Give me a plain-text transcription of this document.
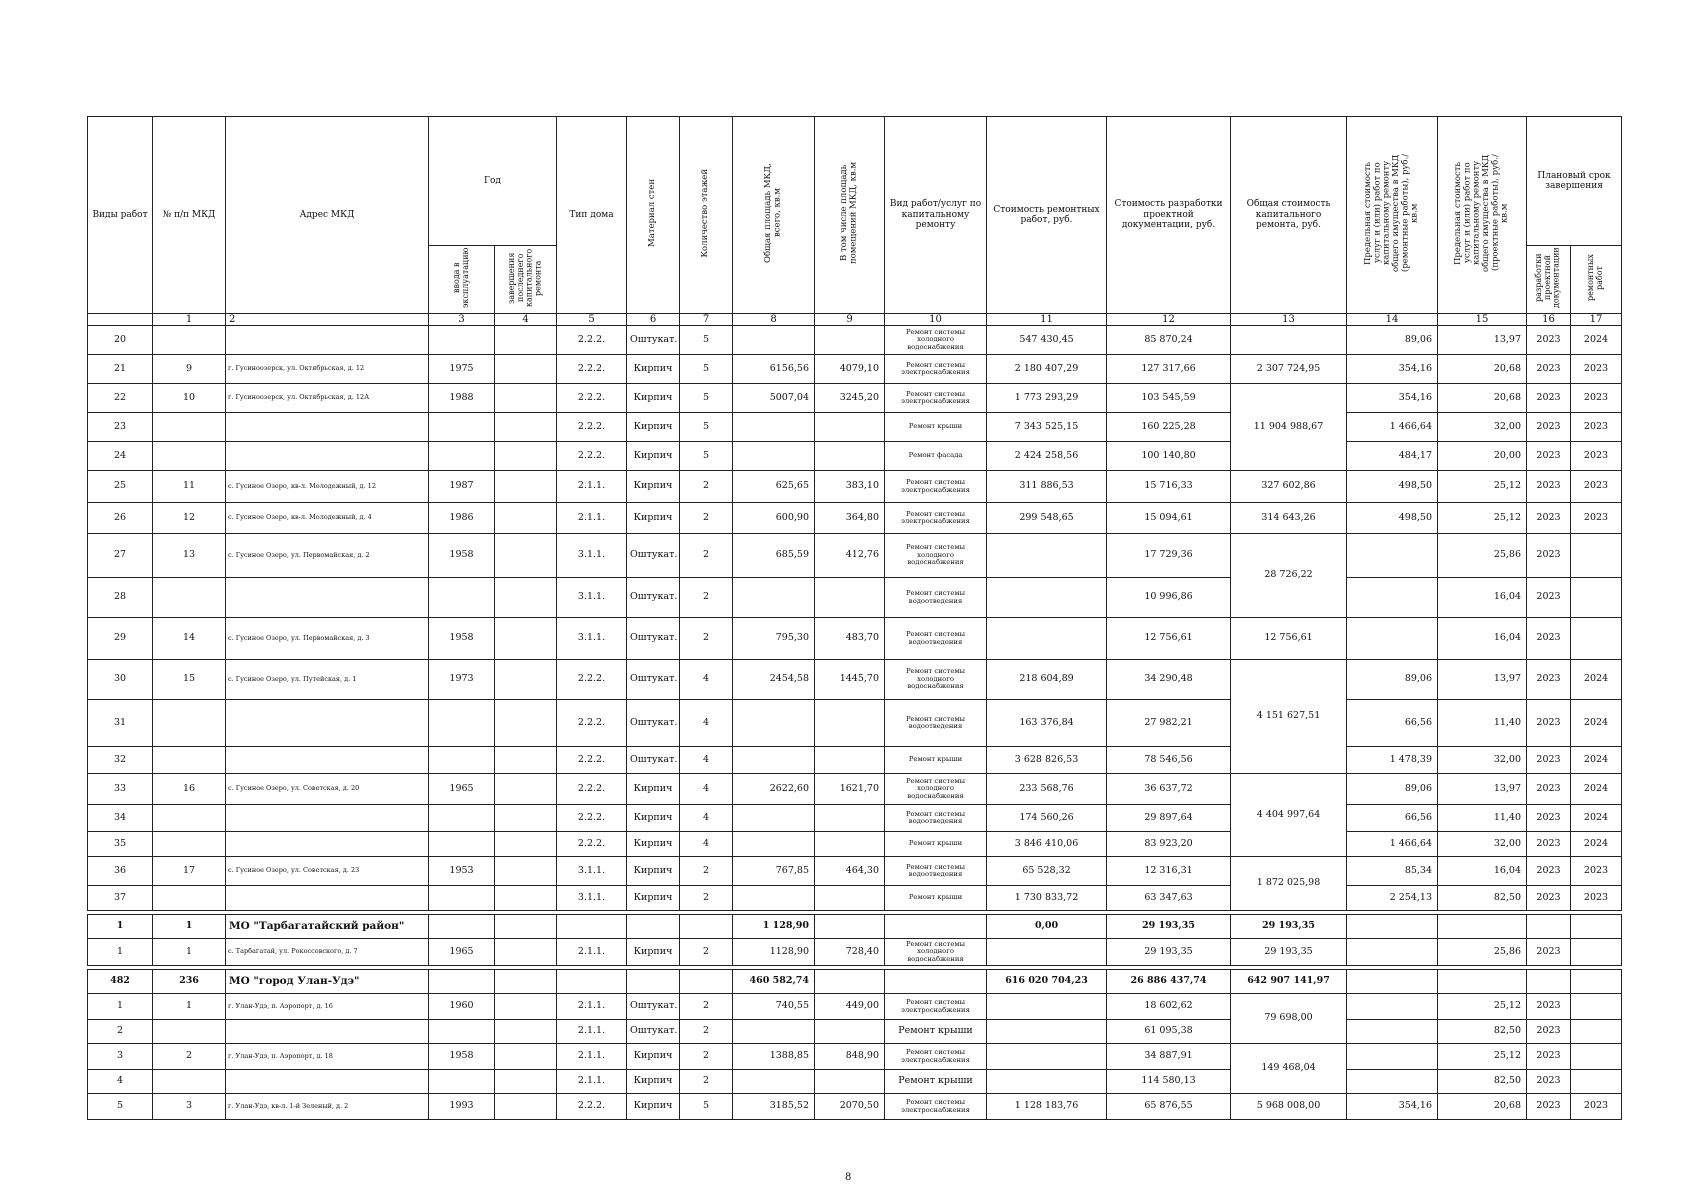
Виды работ	№ п/п МКД	Адрес МКД	Год		Тип дома	Материал стен	Количество этажей	Общая площадь МКД, всего, кв.м	В том числе площадь помещений МКД, кв.м	Вид работ/услуг по капитальному ремонту	Стоимость ремонтных работ, руб.	Стоимость разработки проектной документации, руб.	Общая стоимость капитального ремонта, руб.	Предельная стоимость услуг и (или) работ по капитальному ремонту общего имущества в МКД (ремонтные работы), руб./кв.м	Предельная стоимость услуг и (или) работ по капитальному ремонту общего имущества в МКД (проектные работы), руб./кв.м	Плановый срок завершения	
			ввода в эксплуатацию	завершения последнего капитального ремонта												разработки проектной документации	ремонтных работ
	1	2	3	4	5	6	7	8	9	10	11	12	13	14	15	16	17
20					2.2.2.	Оштукат.	5			Ремонт системы холодного водоснабжения	547 430,45	85 870,24		89,06	13,97	2023	2024
21	9	г. Гусиноозерск, ул. Октябрьская, д. 12	1975		2.2.2.	Кирпич	5	6156,56	4079,10	Ремонт системы электроснабжения	2 180 407,29	127 317,66	2 307 724,95	354,16	20,68	2023	2023
22	10	г. Гусиноозерск, ул. Октябрьская, д. 12А	1988		2.2.2.	Кирпич	5	5007,04	3245,20	Ремонт системы электроснабжения	1 773 293,29	103 545,59	11 904 988,67	354,16	20,68	2023	2023
23					2.2.2.	Кирпич	5			Ремонт крыши	7 343 525,15	160 225,28		1 466,64	32,00	2023	2023
24					2.2.2.	Кирпич	5			Ремонт фасада	2 424 258,56	100 140,80		484,17	20,00	2023	2023
25	11	с. Гусиное Озеро, кв-л. Молодежный, д. 12	1987		2.1.1.	Кирпич	2	625,65	383,10	Ремонт системы электроснабжения	311 886,53	15 716,33	327 602,86	498,50	25,12	2023	2023
26	12	с. Гусиное Озеро, кв-л. Молодежный, д. 4	1986		2.1.1.	Кирпич	2	600,90	364,80	Ремонт системы электроснабжения	299 548,65	15 094,61	314 643,26	498,50	25,12	2023	2023
27	13	с. Гусиное Озеро, ул. Первомайская, д. 2	1958		3.1.1.	Оштукат.	2	685,59	412,76	Ремонт системы холодного водоснабжения		17 729,36	28 726,22		25,86	2023	
28					3.1.1.	Оштукат.	2			Ремонт системы водоотведения		10 996,86			16,04	2023	
29	14	с. Гусиное Озеро, ул. Первомайская, д. 3	1958		3.1.1.	Оштукат.	2	795,30	483,70	Ремонт системы водоотведения		12 756,61	12 756,61		16,04	2023	
30	15	с. Гусиное Озеро, ул. Путейская, д. 1	1973		2.2.2.	Оштукат.	4	2454,58	1445,70	Ремонт системы холодного водоснабжения	218 604,89	34 290,48	4 151 627,51	89,06	13,97	2023	2024
31					2.2.2.	Оштукат.	4			Ремонт системы водоотведения	163 376,84	27 982,21		66,56	11,40	2023	2024
32					2.2.2.	Оштукат.	4			Ремонт крыши	3 628 826,53	78 546,56		1 478,39	32,00	2023	2024
33	16	с. Гусиное Озеро, ул. Советская, д. 20	1965		2.2.2.	Кирпич	4	2622,60	1621,70	Ремонт системы холодного водоснабжения	233 568,76	36 637,72	4 404 997,64	89,06	13,97	2023	2024
34					2.2.2.	Кирпич	4			Ремонт системы водоотведения	174 560,26	29 897,64		66,56	11,40	2023	2024
35					2.2.2.	Кирпич	4			Ремонт крыши	3 846 410,06	83 923,20		1 466,64	32,00	2023	2024
36	17	с. Гусиное Озеро, ул. Советская, д. 23	1953		3.1.1.	Кирпич	2	767,85	464,30	Ремонт системы водоотведения	65 528,32	12 316,31	1 872 025,98	85,34	16,04	2023	2023
37					3.1.1.	Кирпич	2			Ремонт крыши	1 730 833,72	63 347,63		2 254,13	82,50	2023	2023

1	1	МО "Тарбагатайский район"						1 128,90			0,00	29 193,35	29 193,35				
1	1	с. Тарбагатай, ул. Рокоссовского, д. 7	1965		2.1.1.	Кирпич	2	1128,90	728,40	Ремонт системы холодного водоснабжения		29 193,35	29 193,35		25,86	2023	

482	236	МО "город Улан-Удэ"						460 582,74			616 020 704,23	26 886 437,74	642 907 141,97				
1	1	г. Улан-Удэ, п. Аэропорт, д. 16	1960		2.1.1.	Оштукат.	2	740,55	449,00	Ремонт системы электроснабжения		18 602,62	79 698,00		25,12	2023	
2					2.1.1.	Оштукат.	2			Ремонт крыши		61 095,38			82,50	2023	
3	2	г. Улан-Удэ, п. Аэропорт, д. 18	1958		2.1.1.	Кирпич	2	1388,85	848,90	Ремонт системы электроснабжения		34 887,91	149 468,04		25,12	2023	
4					2.1.1.	Кирпич	2			Ремонт крыши		114 580,13			82,50	2023	
5	3	г. Улан-Удэ, кв-л. 1-й Зеленый, д. 2	1993		2.2.2.	Кирпич	5	3185,52	2070,50	Ремонт системы электроснабжения	1 128 183,76	65 876,55	5 968 008,00	354,16	20,68	2023	2023
8
